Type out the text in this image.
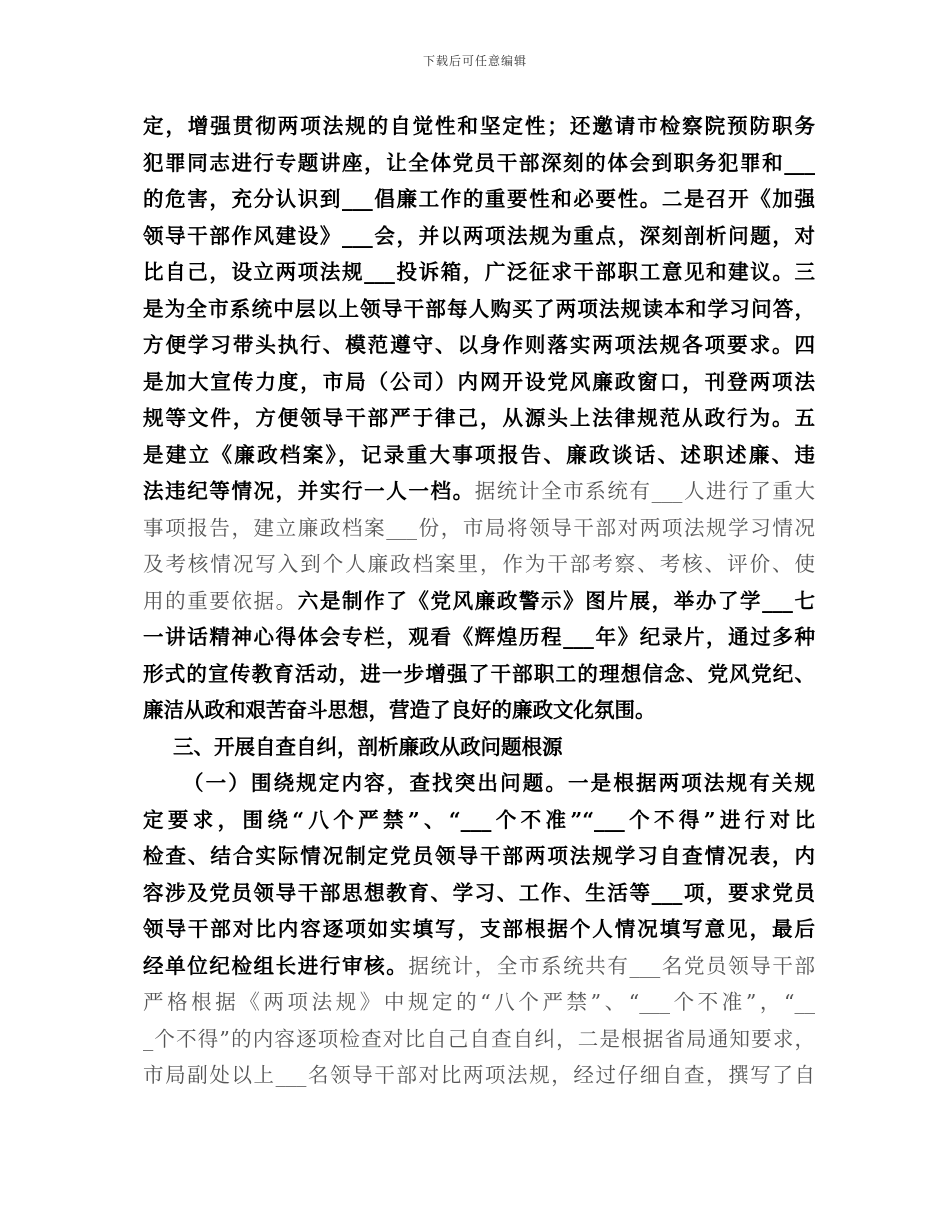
下载后可任意编辑
定，增强贯彻两项法规的自觉性和坚定性；还邀请市检察院预防职务
犯罪同志进行专题讲座，让全体党员干部深刻的体会到职务犯罪和___
的危害，充分认识到___倡廉工作的重要性和必要性。二是召开《加强
领导干部作风建设》___会，并以两项法规为重点，深刻剖析问题，对
比自己，设立两项法规___投诉箱，广泛征求干部职工意见和建议。三
是为全市系统中层以上领导干部每人购买了两项法规读本和学习问答，
方便学习带头执行、模范遵守、以身作则落实两项法规各项要求。四
是加大宣传力度，市局（公司）内网开设党风廉政窗口，刊登两项法
规等文件，方便领导干部严于律己，从源头上法律规范从政行为。五
是建立《廉政档案》，记录重大事项报告、廉政谈话、述职述廉、违
法违纪等情况，并实行一人一档。据统计全市系统有___人进行了重大
事项报告，建立廉政档案___份，市局将领导干部对两项法规学习情况
及考核情况写入到个人廉政档案里，作为干部考察、考核、评价、使
用的重要依据。六是制作了《党风廉政警示》图片展，举办了学___七
一讲话精神心得体会专栏，观看《辉煌历程___年》纪录片，通过多种
形式的宣传教育活动，进一步增强了干部职工的理想信念、党风党纪、
廉洁从政和艰苦奋斗思想，营造了良好的廉政文化氛围。
三、开展自查自纠，剖析廉政从政问题根源
（一）围绕规定内容，查找突出问题。一是根据两项法规有关规
定要求，围绕“八个严禁”、“___个不准”“___个不得”进行对比
检查、结合实际情况制定党员领导干部两项法规学习自查情况表，内
容涉及党员领导干部思想教育、学习、工作、生活等___项，要求党员
领导干部对比内容逐项如实填写，支部根据个人情况填写意见，最后
经单位纪检组长进行审核。据统计，全市系统共有___名党员领导干部
严格根据《两项法规》中规定的“八个严禁”、“___个不准”，“__
_个不得”的内容逐项检查对比自己自查自纠，二是根据省局通知要求，
市局副处以上___名领导干部对比两项法规，经过仔细自查，撰写了自
